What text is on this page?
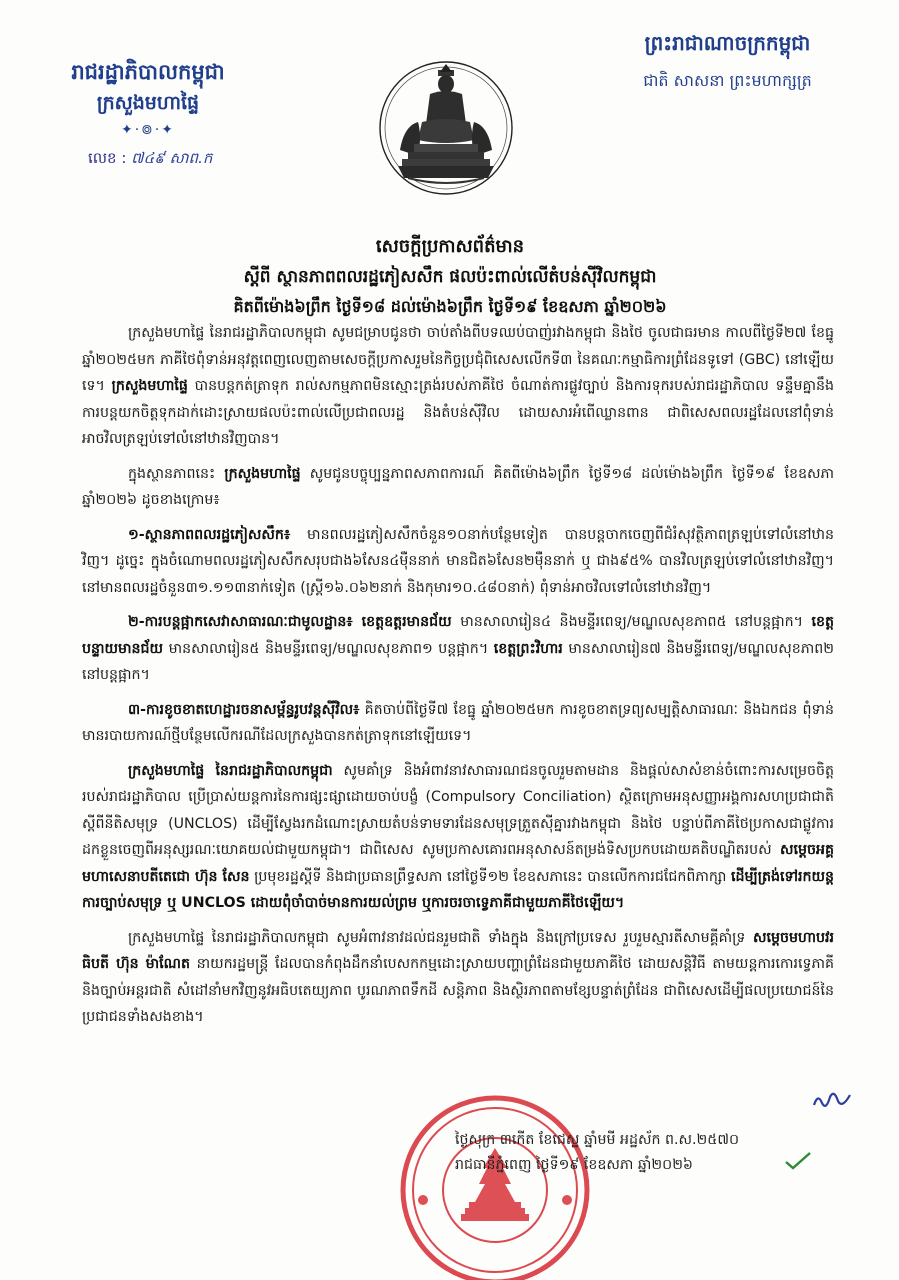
រាជរដ្ឋាភិបាលកម្ពុជា
ក្រសួងមហាផ្ទៃ
✦·៙·✦
លេខ : ៧៤៩ សាព.ក
ព្រះរាជាណាចក្រកម្ពុជា
ជាតិ សាសនា ព្រះមហាក្សត្រ
សេចក្តីប្រកាសព័ត៌មាន
ស្តីពី ស្ថានភាពពលរដ្ឋភៀសសឹក ផលប៉ះពាល់លើតំបន់ស៊ីវិលកម្ពុជា
គិតពីម៉ោង៦ព្រឹក ថ្ងៃទី១៨ ដល់ម៉ោង៦ព្រឹក ថ្ងៃទី១៩ ខែឧសភា ឆ្នាំ២០២៦

ក្រសួងមហាផ្ទៃ នៃរាជរដ្ឋាភិបាលកម្ពុជា សូមជម្រាបជូនថា ចាប់តាំងពីបទឈប់បាញ់រវាងកម្ពុជា និងថៃ ចូលជាធរមាន កាលពីថ្ងៃទី២៧ ខែធ្នូ ឆ្នាំ២០២៥មក ភាគីថៃពុំទាន់អនុវត្តពេញលេញតាមសេចក្តីប្រកាសរួមនៃកិច្ចប្រជុំពិសេសលើកទី៣ នៃគណៈកម្មាធិការព្រំដែនទូទៅ (GBC) នៅឡើយទេ។ ក្រសួងមហាផ្ទៃ បានបន្តកត់ត្រាទុក រាល់សកម្មភាពមិនស្មោះត្រង់របស់ភាគីថៃ ចំណាត់ការផ្លូវច្បាប់ និងការទុករបស់រាជរដ្ឋាភិបាល ទន្ទឹមគ្នានឹងការបន្តយកចិត្តទុកដាក់ដោះស្រាយផលប៉ះពាល់លើប្រជាពលរដ្ឋ និងតំបន់ស៊ីវិល ដោយសារអំពើឈ្លានពាន ជាពិសេសពលរដ្ឋដែលនៅពុំទាន់អាចវិលត្រឡប់ទៅលំនៅឋានវិញបាន។

ក្នុងស្ថានភាពនេះ ក្រសួងមហាផ្ទៃ សូមជូនបច្ចុប្បន្នភាពសភាពការណ៍ គិតពីម៉ោង៦ព្រឹក ថ្ងៃទី១៨ ដល់ម៉ោង៦ព្រឹក ថ្ងៃទី១៩ ខែឧសភា ឆ្នាំ២០២៦ ដូចខាងក្រោម៖

១-ស្ថានភាពពលរដ្ឋភៀសសឹក៖ មានពលរដ្ឋភៀសសឹកចំនួន១០នាក់បន្ថែមទៀត បានបន្តចាកចេញពីជំរំសុវត្ថិភាពត្រឡប់ទៅលំនៅឋានវិញ។ ដូច្នេះ ក្នុងចំណោមពលរដ្ឋភៀសសឹកសរុបជាង៦សែន៤ម៉ឺននាក់ មានជិត៦សែន២ម៉ឺននាក់ ឬ ជាង៩៥% បានវិលត្រឡប់ទៅលំនៅឋានវិញ។ នៅមានពលរដ្ឋចំនួន៣១.១១៣នាក់ទៀត (ស្ត្រី១៦.០៦២នាក់ និងកុមារ១០.៤៨០នាក់) ពុំទាន់អាចវិលទៅលំនៅឋានវិញ។

២-ការបន្តផ្អាកសេវាសាធារណៈជាមូលដ្ឋាន៖ ខេត្តឧត្តរមានជ័យ មានសាលារៀន៤ និងមន្ទីរពេទ្យ/មណ្ឌលសុខភាព៥ នៅបន្តផ្អាក។ ខេត្តបន្ទាយមានជ័យ មានសាលារៀន៥ និងមន្ទីរពេទ្យ/មណ្ឌលសុខភាព១ បន្តផ្អាក។ ខេត្តព្រះវិហារ មានសាលារៀន៧ និងមន្ទីរពេទ្យ/មណ្ឌលសុខភាព២ នៅបន្តផ្អាក។

៣-ការខូចខាតហេដ្ឋារចនាសម្ព័ន្ធរូបវន្តស៊ីវិល៖ គិតចាប់ពីថ្ងៃទី៧ ខែធ្នូ ឆ្នាំ២០២៥មក ការខូចខាតទ្រព្យសម្បត្តិសាធារណៈ និងឯកជន ពុំទាន់មានរបាយការណ៍ថ្មីបន្ថែមលើករណីដែលក្រសួងបានកត់ត្រាទុកនៅឡើយទេ។

ក្រសួងមហាផ្ទៃ នៃរាជរដ្ឋាភិបាលកម្ពុជា សូមគាំទ្រ និងអំពាវនាវសាធារណជនចូលរួមតាមដាន និងផ្តល់សាសំខាន់ចំពោះការសម្រេចចិត្តរបស់រាជរដ្ឋាភិបាល ប្រើប្រាស់យន្តការនៃការផ្សះផ្សាដោយចាប់បង្ខំ (Compulsory Conciliation) ស្ថិតក្រោមអនុសញ្ញាអង្គការសហប្រជាជាតិស្តីពីនីតិសមុទ្រ (UNCLOS) ដើម្បីស្វែងរកដំណោះស្រាយតំបន់ទាមទារដែនសមុទ្រត្រួតស៊ីគ្នារវាងកម្ពុជា និងថៃ បន្ទាប់ពីភាគីថៃប្រកាសជាផ្លូវការ ដកខ្លួនចេញពីអនុស្សរណៈយោគយល់ជាមួយកម្ពុជា។ ជាពិសេស សូមប្រកាសគោរពអនុសាសន៍តម្រង់ទិសប្រកបដោយគតិបណ្ឌិតរបស់ សម្តេចអគ្គមហាសេនាបតីតេជោ ហ៊ុន សែន ប្រមុខរដ្ឋស្តីទី និងជាប្រធានព្រឹទ្ធសភា នៅថ្ងៃទី១២ ខែឧសភានេះ បានលើកការជជែកពិភាក្សា ដើម្បីត្រង់ទៅរកយន្តការច្បាប់សមុទ្រ ឬ UNCLOS ដោយពុំចាំបាច់មានការយល់ព្រម ឬការចរចាទ្វេភាគីជាមួយភាគីថៃឡើយ។

ក្រសួងមហាផ្ទៃ នៃរាជរដ្ឋាភិបាលកម្ពុជា សូមអំពាវនាវដល់ជនរួមជាតិ ទាំងក្នុង និងក្រៅប្រទេស រួបរួមស្មារតីសាមគ្គីគាំទ្រ សម្តេចមហាបវរធិបតី ហ៊ុន ម៉ាណែត នាយករដ្ឋមន្ត្រី ដែលបានកំពុងដឹកនាំបេសកកម្មដោះស្រាយបញ្ហាព្រំដែនជាមួយភាគីថៃ ដោយសន្តិវិធី តាមយន្តការកោរទ្វេភាគី និងច្បាប់អន្តរជាតិ សំដៅនាំមកវិញនូវអធិបតេយ្យភាព បូរណភាពទឹកដី សន្តិភាព និងស្ថិរភាពតាមខ្សែបន្ទាត់ព្រំដែន ជាពិសេសដើម្បីផលប្រយោជន៍នៃប្រជាជនទាំងសងខាង។

ថ្ងៃសុក្រ ៣កើត ខែជេស្ឋ ឆ្នាំមមី អដ្ឋស័ក ព.ស.២៥៧០
រាជធានីភ្នំពេញ ថ្ងៃទី១៩ ខែឧសភា ឆ្នាំ២០២៦
